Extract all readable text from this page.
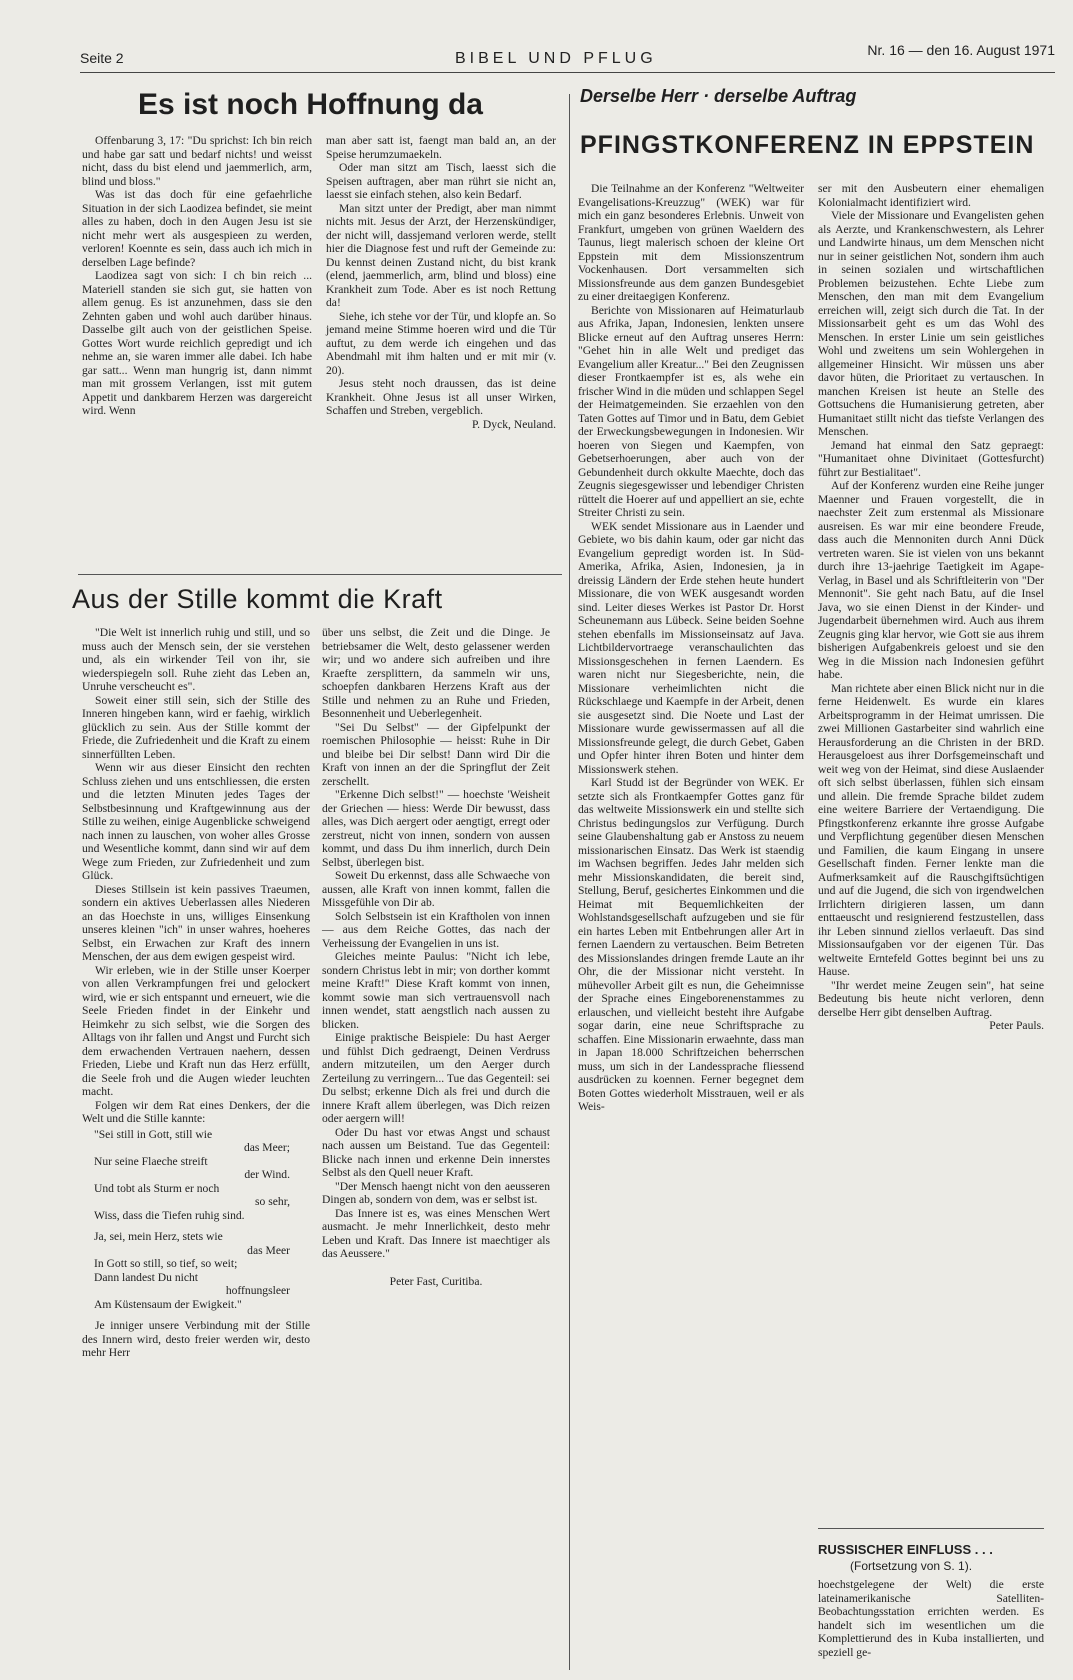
Seite 2	BIBEL UND PFLUG	Nr. 16 — den 16. August 1971
Es ist noch Hoffnung da

Offenbarung 3, 17: "Du sprichst: Ich bin reich und habe gar satt und bedarf nichts! und weisst nicht, dass du bist elend und jaemmerlich, arm, blind und bloss."

Was ist das doch für eine gefaehrliche Situation in der sich Laodizea befindet, sie meint alles zu haben, doch in den Augen Jesu ist sie nicht mehr wert als ausgespieen zu werden, verloren! Koennte es sein, dass auch ich mich in derselben Lage befinde?

Laodizea sagt von sich: I ch bin reich ... Materiell standen sie sich gut, sie hatten von allem genug. Es ist anzunehmen, dass sie den Zehnten gaben und wohl auch darüber hinaus. Dasselbe gilt auch von der geistlichen Speise. Gottes Wort wurde reichlich gepredigt und ich nehme an, sie waren immer alle dabei. Ich habe gar satt... Wenn man hungrig ist, dann nimmt man mit grossem Verlangen, isst mit gutem Appetit und dankbarem Herzen was dargereicht wird. Wenn

man aber satt ist, faengt man bald an, an der Speise herumzumaekeln.

Oder man sitzt am Tisch, laesst sich die Speisen auftragen, aber man rührt sie nicht an, laesst sie einfach stehen, also kein Bedarf.

Man sitzt unter der Predigt, aber man nimmt nichts mit. Jesus der Arzt, der Herzenskündiger, der nicht will, dassjemand verloren werde, stellt hier die Diagnose fest und ruft der Gemeinde zu: Du kennst deinen Zustand nicht, du bist krank (elend, jaemmerlich, arm, blind und bloss) eine Krankheit zum Tode. Aber es ist noch Rettung da!

Siehe, ich stehe vor der Tür, und klopfe an. So jemand meine Stimme hoeren wird und die Tür auftut, zu dem werde ich eingehen und das Abendmahl mit ihm halten und er mit mir (v. 20).

Jesus steht noch draussen, das ist deine Krankheit. Ohne Jesus ist all unser Wirken, Schaffen und Streben, vergeblich.

P. Dyck, Neuland.

Aus der Stille kommt die Kraft

"Die Welt ist innerlich ruhig und still, und so muss auch der Mensch sein, der sie verstehen und, als ein wirkender Teil von ihr, sie wiederspiegeln soll. Ruhe zieht das Leben an, Unruhe verscheucht es".

Soweit einer still sein, sich der Stille des Inneren hingeben kann, wird er faehig, wirklich glücklich zu sein. Aus der Stille kommt der Friede, die Zufriedenheit und die Kraft zu einem sinnerfüllten Leben.

Wenn wir aus dieser Einsicht den rechten Schluss ziehen und uns entschliessen, die ersten und die letzten Minuten jedes Tages der Selbstbesinnung und Kraftgewinnung aus der Stille zu weihen, einige Augenblicke schweigend nach innen zu lauschen, von woher alles Grosse und Wesentliche kommt, dann sind wir auf dem Wege zum Frieden, zur Zufriedenheit und zum Glück.

Dieses Stillsein ist kein passives Traeumen, sondern ein aktives Ueberlassen alles Niederen an das Hoechste in uns, williges Einsenkung unseres kleinen "ich" in unser wahres, hoeheres Selbst, ein Erwachen zur Kraft des innern Menschen, der aus dem ewigen gespeist wird.

Wir erleben, wie in der Stille unser Koerper von allen Verkrampfungen frei und gelockert wird, wie er sich entspannt und erneuert, wie die Seele Frieden findet in der Einkehr und Heimkehr zu sich selbst, wie die Sorgen des Alltags von ihr fallen und Angst und Furcht sich dem erwachenden Vertrauen naehern, dessen Frieden, Liebe und Kraft nun das Herz erfüllt, die Seele froh und die Augen wieder leuchten macht.

Folgen wir dem Rat eines Denkers, der die Welt und die Stille kannte:

"Sei still in Gott, still wie
das Meer;
Nur seine Flaeche streift
der Wind.
Und tobt als Sturm er noch
so sehr,
Wiss, dass die Tiefen ruhig sind.
Ja, sei, mein Herz, stets wie
das Meer
In Gott so still, so tief, so weit;
Dann landest Du nicht
hoffnungsleer
Am Küstensaum der Ewigkeit."

Je inniger unsere Verbindung mit der Stille des Innern wird, desto freier werden wir, desto mehr Herr

über uns selbst, die Zeit und die Dinge. Je betriebsamer die Welt, desto gelassener werden wir; und wo andere sich aufreiben und ihre Kraefte zersplittern, da sammeln wir uns, schoepfen dankbaren Herzens Kraft aus der Stille und nehmen zu an Ruhe und Frieden, Besonnenheit und Ueberlegenheit.

"Sei Du Selbst" — der Gipfelpunkt der roemischen Philosophie — heisst: Ruhe in Dir und bleibe bei Dir selbst! Dann wird Dir die Kraft von innen an der die Springflut der Zeit zerschellt.

"Erkenne Dich selbst!" — hoechste 'Weisheit der Griechen — hiess: Werde Dir bewusst, dass alles, was Dich aergert oder aengtigt, erregt oder zerstreut, nicht von innen, sondern von aussen kommt, und dass Du ihm innerlich, durch Dein Selbst, überlegen bist.

Soweit Du erkennst, dass alle Schwaeche von aussen, alle Kraft von innen kommt, fallen die Missgefühle von Dir ab.

Solch Selbstsein ist ein Kraftholen von innen — aus dem Reiche Gottes, das nach der Verheissung der Evangelien in uns ist.

Gleiches meinte Paulus: "Nicht ich lebe, sondern Christus lebt in mir; von dorther kommt meine Kraft!" Diese Kraft kommt von innen, kommt sowie man sich vertrauensvoll nach innen wendet, statt aengstlich nach aussen zu blicken.

Einige praktische Beispiele: Du hast Aerger und fühlst Dich gedraengt, Deinen Verdruss andern mitzuteilen, um den Aerger durch Zerteilung zu verringern... Tue das Gegenteil: sei Du selbst; erkenne Dich als frei und durch die innere Kraft allem überlegen, was Dich reizen oder aergern will!

Oder Du hast vor etwas Angst und schaust nach aussen um Beistand. Tue das Gegenteil: Blicke nach innen und erkenne Dein innerstes Selbst als den Quell neuer Kraft.

"Der Mensch haengt nicht von den aeusseren Dingen ab, sondern von dem, was er selbst ist.

Das Innere ist es, was eines Menschen Wert ausmacht. Je mehr Innerlichkeit, desto mehr Leben und Kraft. Das Innere ist maechtiger als das Aeussere."

Peter Fast, Curitiba.

Derselbe Herr · derselbe Auftrag
PFINGSTKONFERENZ IN EPPSTEIN

Die Teilnahme an der Konferenz "Weltweiter Evangelisations-Kreuzzug" (WEK) war für mich ein ganz besonderes Erlebnis. Unweit von Frankfurt, umgeben von grünen Waeldern des Taunus, liegt malerisch schoen der kleine Ort Eppstein mit dem Missionszentrum Vockenhausen. Dort versammelten sich Missionsfreunde aus dem ganzen Bundesgebiet zu einer dreitaegigen Konferenz.

Berichte von Missionaren auf Heimaturlaub aus Afrika, Japan, Indonesien, lenkten unsere Blicke erneut auf den Auftrag unseres Herrn: "Gehet hin in alle Welt und prediget das Evangelium aller Kreatur..." Bei den Zeugnissen dieser Frontkaempfer ist es, als wehe ein frischer Wind in die müden und schlappen Segel der Heimatgemeinden. Sie erzaehlen von den Taten Gottes auf Timor und in Batu, dem Gebiet der Erweckungsbewegungen in Indonesien. Wir hoeren von Siegen und Kaempfen, von Gebetserhoerungen, aber auch von der Gebundenheit durch okkulte Maechte, doch das Zeugnis siegesgewisser und lebendiger Christen rüttelt die Hoerer auf und appelliert an sie, echte Streiter Christi zu sein.

WEK sendet Missionare aus in Laender und Gebiete, wo bis dahin kaum, oder gar nicht das Evangelium gepredigt worden ist. In Süd-Amerika, Afrika, Asien, Indonesien, ja in dreissig Ländern der Erde stehen heute hundert Missionare, die von WEK ausgesandt worden sind. Leiter dieses Werkes ist Pastor Dr. Horst Scheunemann aus Lübeck. Seine beiden Soehne stehen ebenfalls im Missionseinsatz auf Java. Lichtbildervortraege veranschaulichten das Missionsgeschehen in fernen Laendern. Es waren nicht nur Siegesberichte, nein, die Missionare verheimlichten nicht die Rückschlaege und Kaempfe in der Arbeit, denen sie ausgesetzt sind. Die Noete und Last der Missionare wurde gewissermassen auf all die Missionsfreunde gelegt, die durch Gebet, Gaben und Opfer hinter ihren Boten und hinter dem Missionswerk stehen.

Karl Studd ist der Begründer von WEK. Er setzte sich als Frontkaempfer Gottes ganz für das weltweite Missionswerk ein und stellte sich Christus bedingungslos zur Verfügung. Durch seine Glaubenshaltung gab er Anstoss zu neuem missionarischen Einsatz. Das Werk ist staendig im Wachsen begriffen. Jedes Jahr melden sich mehr Missionskandidaten, die bereit sind, Stellung, Beruf, gesichertes Einkommen und die Heimat mit Bequemlichkeiten der Wohlstandsgesellschaft aufzugeben und sie für ein hartes Leben mit Entbehrungen aller Art in fernen Laendern zu vertauschen. Beim Betreten des Missionslandes dringen fremde Laute an ihr Ohr, die der Missionar nicht versteht. In mühevoller Arbeit gilt es nun, die Geheimnisse der Sprache eines Eingeborenenstammes zu erlauschen, und vielleicht besteht ihre Aufgabe sogar darin, eine neue Schriftsprache zu schaffen. Eine Missionarin erwaehnte, dass man in Japan 18.000 Schriftzeichen beherrschen muss, um sich in der Landessprache fliessend ausdrücken zu koennen. Ferner begegnet dem Boten Gottes wiederholt Misstrauen, weil er als Weis-

ser mit den Ausbeutern einer ehemaligen Kolonialmacht identifiziert wird.

Viele der Missionare und Evangelisten gehen als Aerzte, und Krankenschwestern, als Lehrer und Landwirte hinaus, um dem Menschen nicht nur in seiner geistlichen Not, sondern ihm auch in seinen sozialen und wirtschaftlichen Problemen beizustehen. Echte Liebe zum Menschen, den man mit dem Evangelium erreichen will, zeigt sich durch die Tat. In der Missionsarbeit geht es um das Wohl des Menschen. In erster Linie um sein geistliches Wohl und zweitens um sein Wohlergehen in allgemeiner Hinsicht. Wir müssen uns aber davor hüten, die Prioritaet zu vertauschen. In manchen Kreisen ist heute an Stelle des Gottsuchens die Humanisierung getreten, aber Humanitaet stillt nicht das tiefste Verlangen des Menschen.

Jemand hat einmal den Satz gepraegt: "Humanitaet ohne Divinitaet (Gottesfurcht) führt zur Bestialitaet".

Auf der Konferenz wurden eine Reihe junger Maenner und Frauen vorgestellt, die in naechster Zeit zum erstenmal als Missionare ausreisen. Es war mir eine beondere Freude, dass auch die Mennoniten durch Anni Dück vertreten waren. Sie ist vielen von uns bekannt durch ihre 13-jaehrige Taetigkeit im Agape-Verlag, in Basel und als Schriftleiterin von "Der Mennonit". Sie geht nach Batu, auf die Insel Java, wo sie einen Dienst in der Kinder- und Jugendarbeit übernehmen wird. Auch aus ihrem Zeugnis ging klar hervor, wie Gott sie aus ihrem bisherigen Aufgabenkreis geloest und sie den Weg in die Mission nach Indonesien geführt habe.

Man richtete aber einen Blick nicht nur in die ferne Heidenwelt. Es wurde ein klares Arbeitsprogramm in der Heimat umrissen. Die zwei Millionen Gastarbeiter sind wahrlich eine Herausforderung an die Christen in der BRD. Herausgeloest aus ihrer Dorfsgemeinschaft und weit weg von der Heimat, sind diese Auslaender oft sich selbst überlassen, fühlen sich einsam und allein. Die fremde Sprache bildet zudem eine weitere Barriere der Vertaendigung. Die Pfingstkonferenz erkannte ihre grosse Aufgabe und Verpflichtung gegenüber diesen Menschen und Familien, die kaum Eingang in unsere Gesellschaft finden. Ferner lenkte man die Aufmerksamkeit auf die Rauschgiftsüchtigen und auf die Jugend, die sich von irgendwelchen Irrlichtern dirigieren lassen, um dann enttaeuscht und resignierend festzustellen, dass ihr Leben sinnund ziellos verlaeuft. Das sind Missionsaufgaben vor der eigenen Tür. Das weltweite Erntefeld Gottes beginnt bei uns zu Hause.

"Ihr werdet meine Zeugen sein", hat seine Bedeutung bis heute nicht verloren, denn derselbe Herr gibt denselben Auftrag.

Peter Pauls.

RUSSISCHER EINFLUSS . . .
(Fortsetzung von S. 1).

hoechstgelegene der Welt) die erste lateinamerikanische Satelliten-Beobachtungsstation errichten werden. Es handelt sich im wesentlichen um die Komplettierund des in Kuba installierten, und speziell ge-
